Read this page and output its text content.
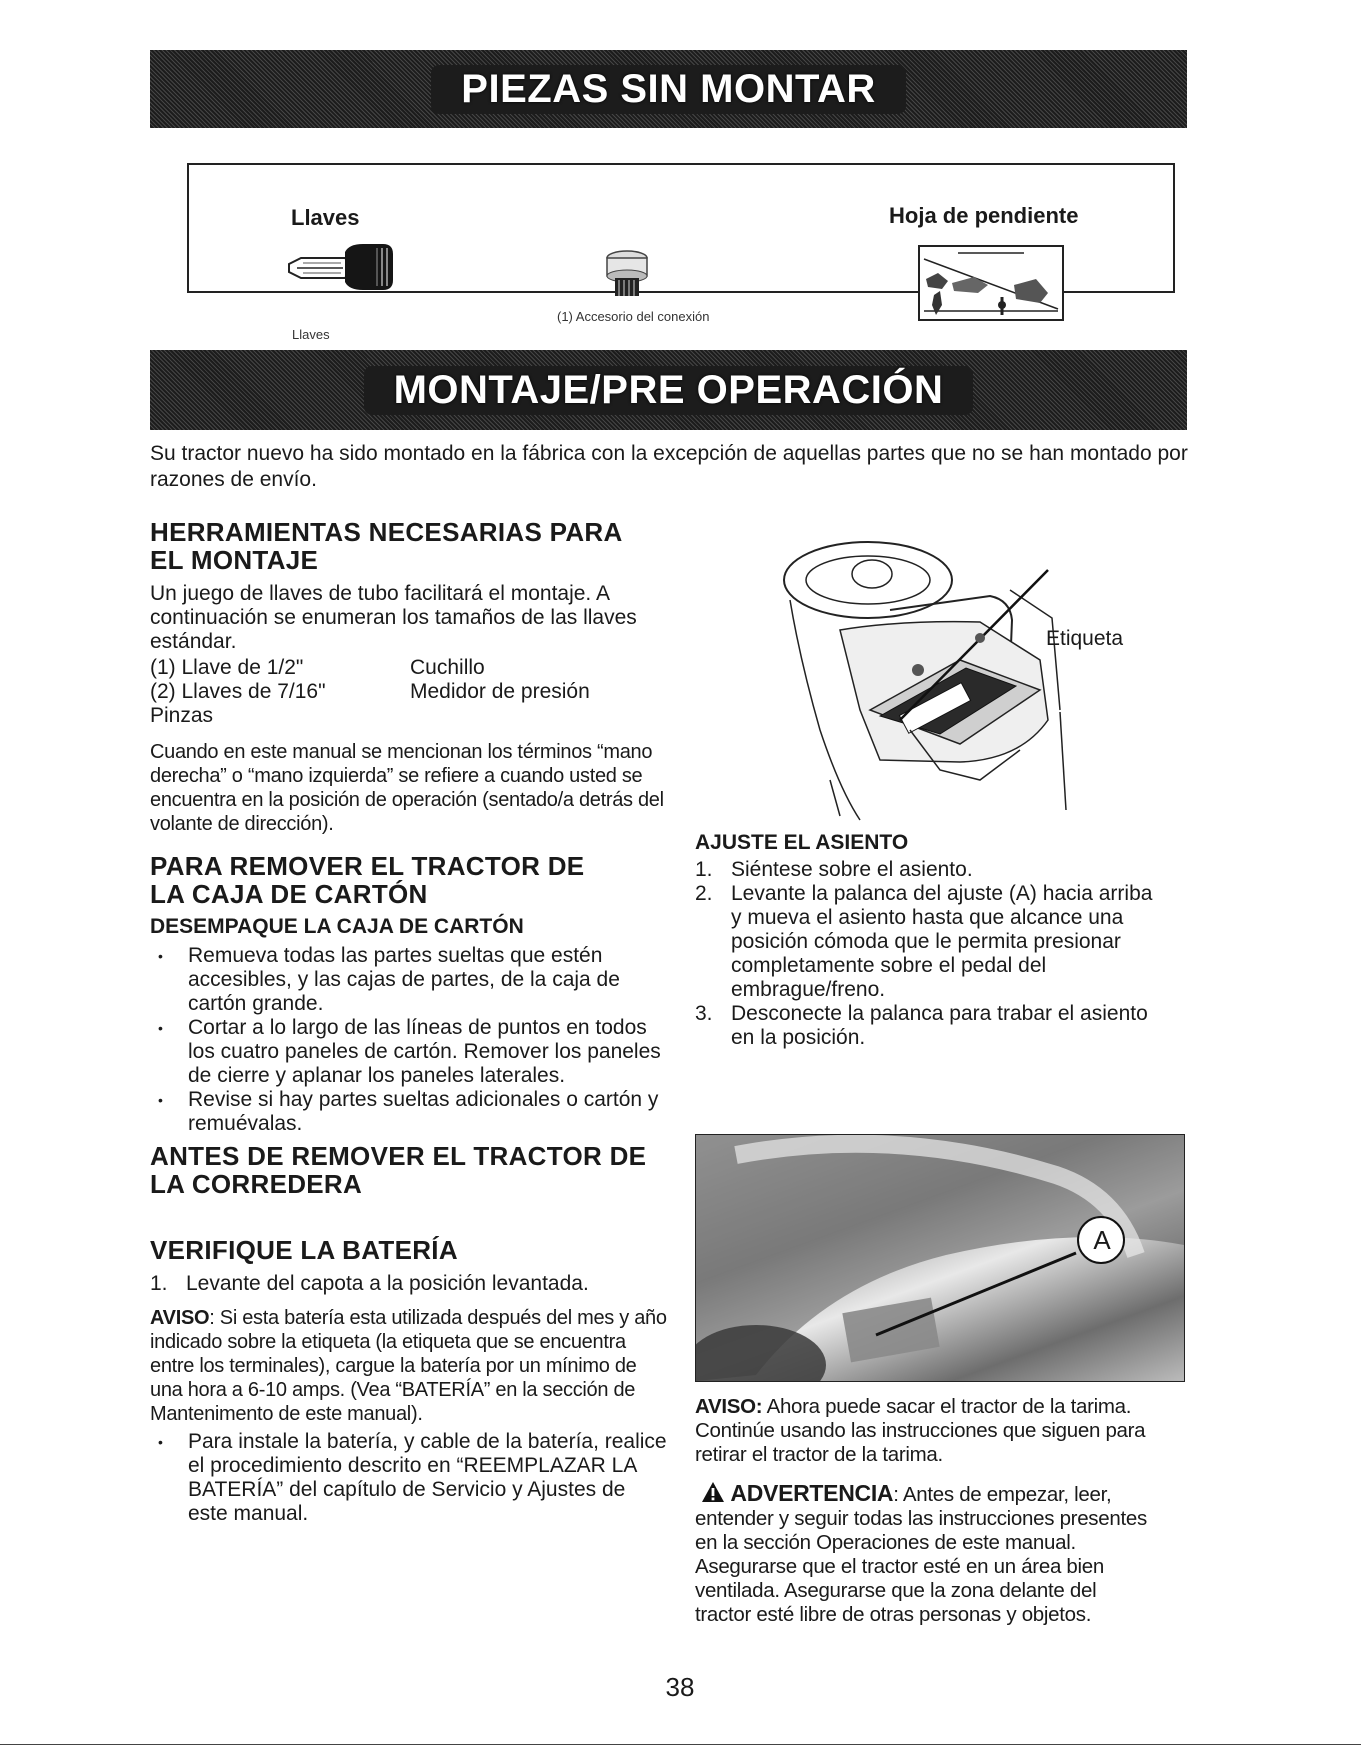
PIEZAS SIN MONTAR
Llaves
Llaves
(1) Accesorio del conexión
Hoja de pendiente
MONTAJE/PRE OPERACIÓN
Su tractor nuevo ha sido montado en la fábrica con la excepción de aquellas partes que no se han montado por razones de envío.
HERRAMIENTAS NECESARIAS PARA
EL MONTAJE
Un juego de llaves de tubo facilitará el montaje. A continuación se enumeran los tamaños de las llaves estándar.
(1) Llave de 1/2"	Cuchillo
(2) Llaves de 7/16"	Medidor de presión
Pinzas
Cuando en este manual se mencionan los términos “mano derecha” o “mano izquierda” se refiere a cuando usted se encuentra en la posición de operación (sentado/a detrás del volante de dirección).
PARA REMOVER EL TRACTOR DE
LA CAJA DE CARTÓN
DESEMPAQUE LA CAJA DE CARTÓN
• Remueva todas las partes sueltas que estén accesibles, y las cajas de partes, de la caja de cartón grande.
• Cortar a lo largo de las líneas de puntos en todos los cuatro paneles de cartón. Remover los paneles de cierre y aplanar los paneles laterales.
• Revise si hay partes sueltas adicionales o cartón y remuévalas.
ANTES DE REMOVER EL TRACTOR DE
LA CORREDERA
VERIFIQUE LA BATERÍA
1. Levante del capota a la posición levantada.
AVISO: Si esta batería esta utilizada después del mes y año indicado sobre la etiqueta (la etiqueta que se encuentra entre los terminales), cargue la batería por un mínimo de una hora a 6-10 amps. (Vea “BATERÍA” en la sección de Mantenimento de este manual).
• Para instale la batería, y cable de la batería, realice el procedimiento descrito en “REEMPLAZAR LA BATERÍA” del capítulo de Servicio y Ajustes de este manual.
Etiqueta
AJUSTE EL ASIENTO
1. Siéntese sobre el asiento.
2. Levante la palanca del ajuste (A) hacia arriba y mueva el asiento hasta que alcance una posición cómoda que le permita presionar completamente sobre el pedal del embrague/freno.
3. Desconecte la palanca para trabar el asiento en la posición.
A
AVISO: Ahora puede sacar el tractor de la tarima. Continúe usando las instrucciones que siguen para retirar el tractor de la tarima.
ADVERTENCIA: Antes de empezar, leer, entender y seguir todas las instrucciones presentes en la sección Operaciones de este manual. Asegurarse que el tractor esté en un área bien ventilada. Asegurarse que la zona delante del tractor esté libre de otras personas y objetos.
38
